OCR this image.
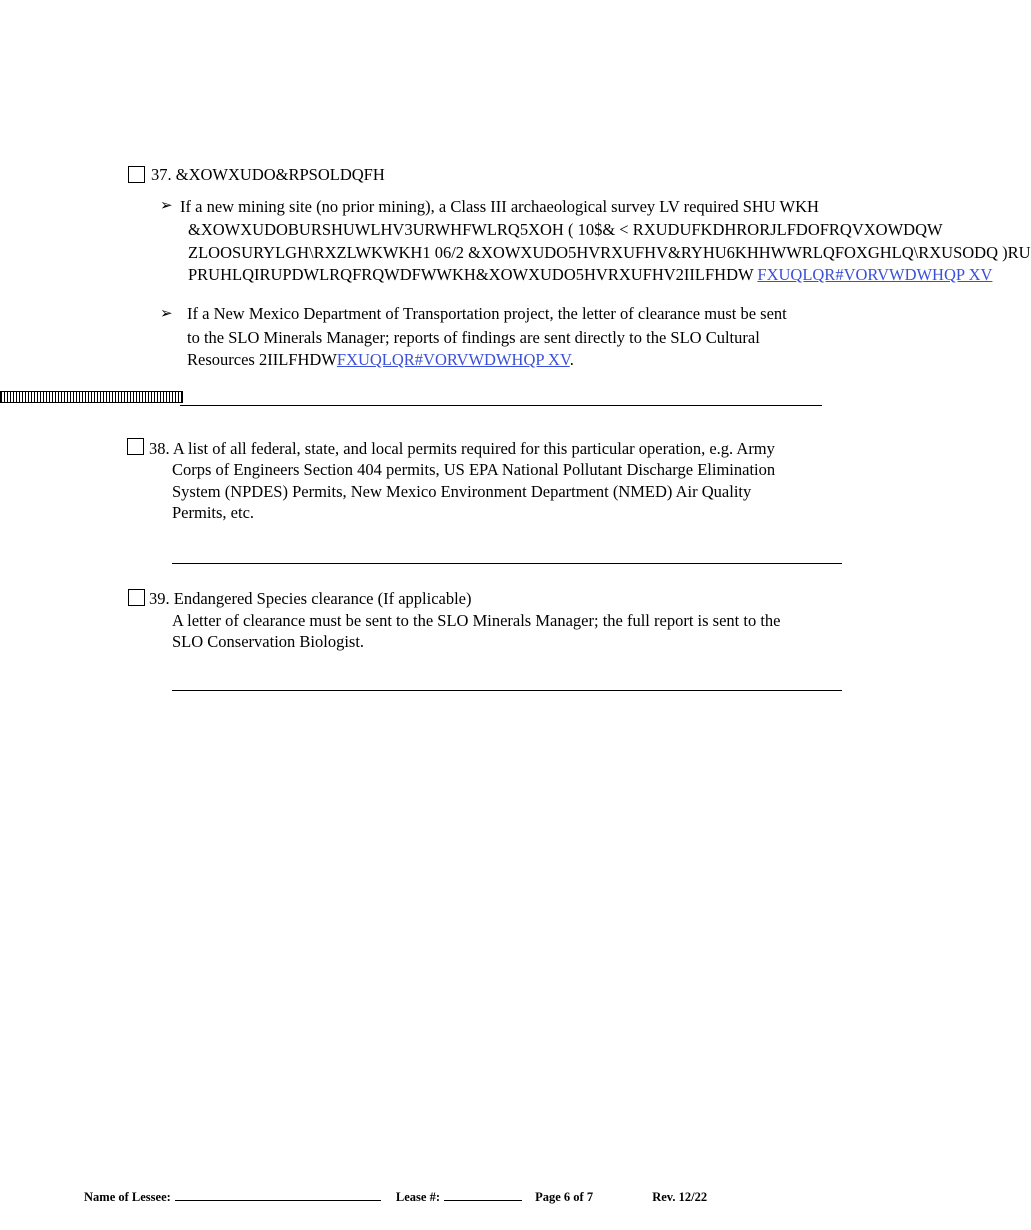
37. &XOWXUDO&RPSOLDQFH
➢ If a new mining site (no prior mining), a Class III archaeological survey LV required SHU WKH
&XOWXUDOBURSHUWLHV3URWHFWLRQ5XOH ( 10$& < RXUDUFKDHRORJLFDOFRQVXOWDQW
ZLOOSURYLGH\RXZLWKWKH1 06/2 &XOWXUDO5HVRXUFHV&RYHU6KHHWWRLQFOXGHLQ\RXUSODQ )RU
PRUHLQIRUPDWLRQFRQWDFWWKH&XOWXUDO5HVRXUFHV2IILFHDW FXUQLQR#VORVWDWHQP XV
➢ If a New Mexico Department of Transportation project, the letter of clearance must be sent
to the SLO Minerals Manager; reports of findings are sent directly to the SLO Cultural
Resources 2IILFHDWFXUQLQR#VORVWDWHQP XV.
38. A list of all federal, state, and local permits required for this particular operation, e.g. Army
Corps of Engineers Section 404 permits, US EPA National Pollutant Discharge Elimination
System (NPDES) Permits, New Mexico Environment Department (NMED) Air Quality
Permits, etc.
39. Endangered Species clearance (If applicable)
A letter of clearance must be sent to the SLO Minerals Manager; the full report is sent to the
SLO Conservation Biologist.
Name of Lessee:	Lease #:	Page 6 of 7	Rev. 12/22
